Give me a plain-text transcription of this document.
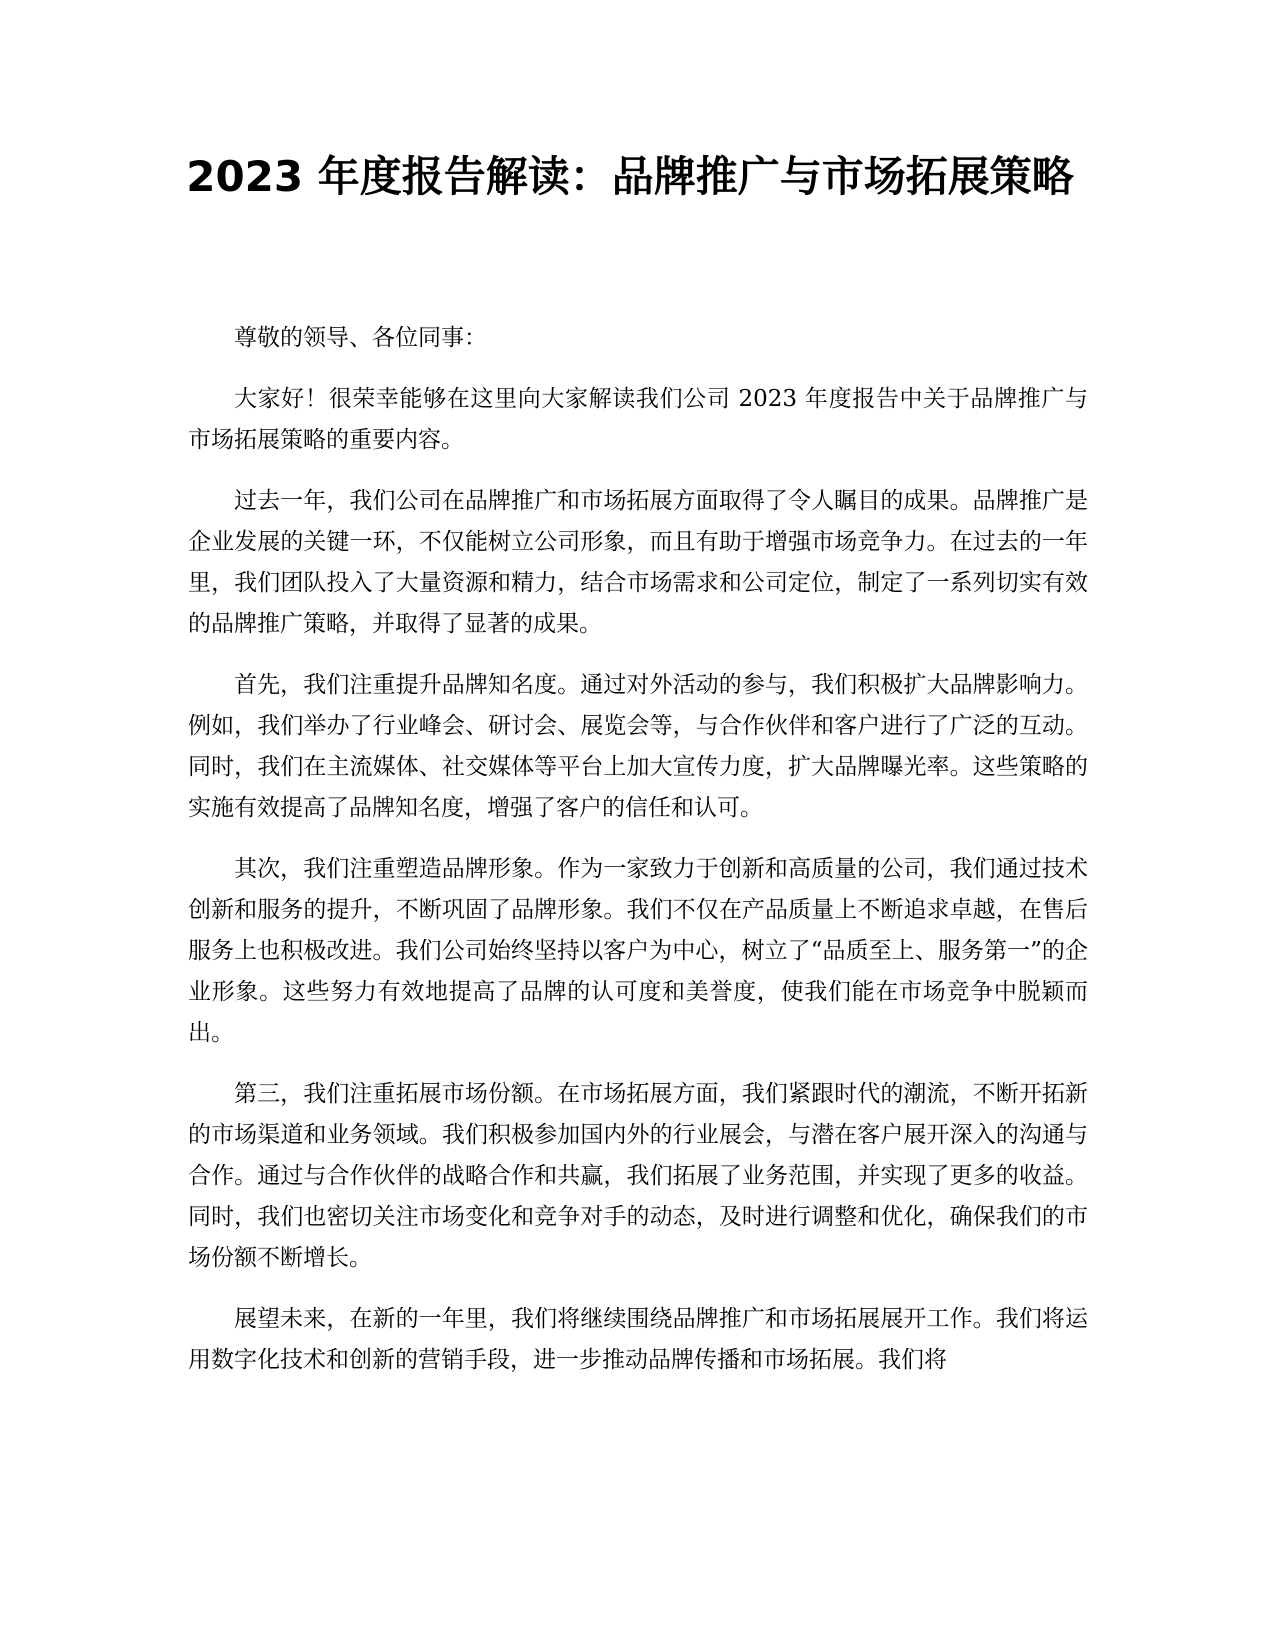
2023 年度报告解读：品牌推广与市场拓展策略

尊敬的领导、各位同事：

大家好！很荣幸能够在这里向大家解读我们公司 2023 年度报告中关于品牌推广与市场拓展策略的重要内容。

过去一年，我们公司在品牌推广和市场拓展方面取得了令人瞩目的成果。品牌推广是企业发展的关键一环，不仅能树立公司形象，而且有助于增强市场竞争力。在过去的一年里，我们团队投入了大量资源和精力，结合市场需求和公司定位，制定了一系列切实有效的品牌推广策略，并取得了显著的成果。

首先，我们注重提升品牌知名度。通过对外活动的参与，我们积极扩大品牌影响力。例如，我们举办了行业峰会、研讨会、展览会等，与合作伙伴和客户进行了广泛的互动。同时，我们在主流媒体、社交媒体等平台上加大宣传力度，扩大品牌曝光率。这些策略的实施有效提高了品牌知名度，增强了客户的信任和认可。

其次，我们注重塑造品牌形象。作为一家致力于创新和高质量的公司，我们通过技术创新和服务的提升，不断巩固了品牌形象。我们不仅在产品质量上不断追求卓越，在售后服务上也积极改进。我们公司始终坚持以客户为中心，树立了“品质至上、服务第一”的企业形象。这些努力有效地提高了品牌的认可度和美誉度，使我们能在市场竞争中脱颖而出。

第三，我们注重拓展市场份额。在市场拓展方面，我们紧跟时代的潮流，不断开拓新的市场渠道和业务领域。我们积极参加国内外的行业展会，与潜在客户展开深入的沟通与合作。通过与合作伙伴的战略合作和共赢，我们拓展了业务范围，并实现了更多的收益。同时，我们也密切关注市场变化和竞争对手的动态，及时进行调整和优化，确保我们的市场份额不断增长。

展望未来，在新的一年里，我们将继续围绕品牌推广和市场拓展展开工作。我们将运用数字化技术和创新的营销手段，进一步推动品牌传播和市场拓展。我们将
